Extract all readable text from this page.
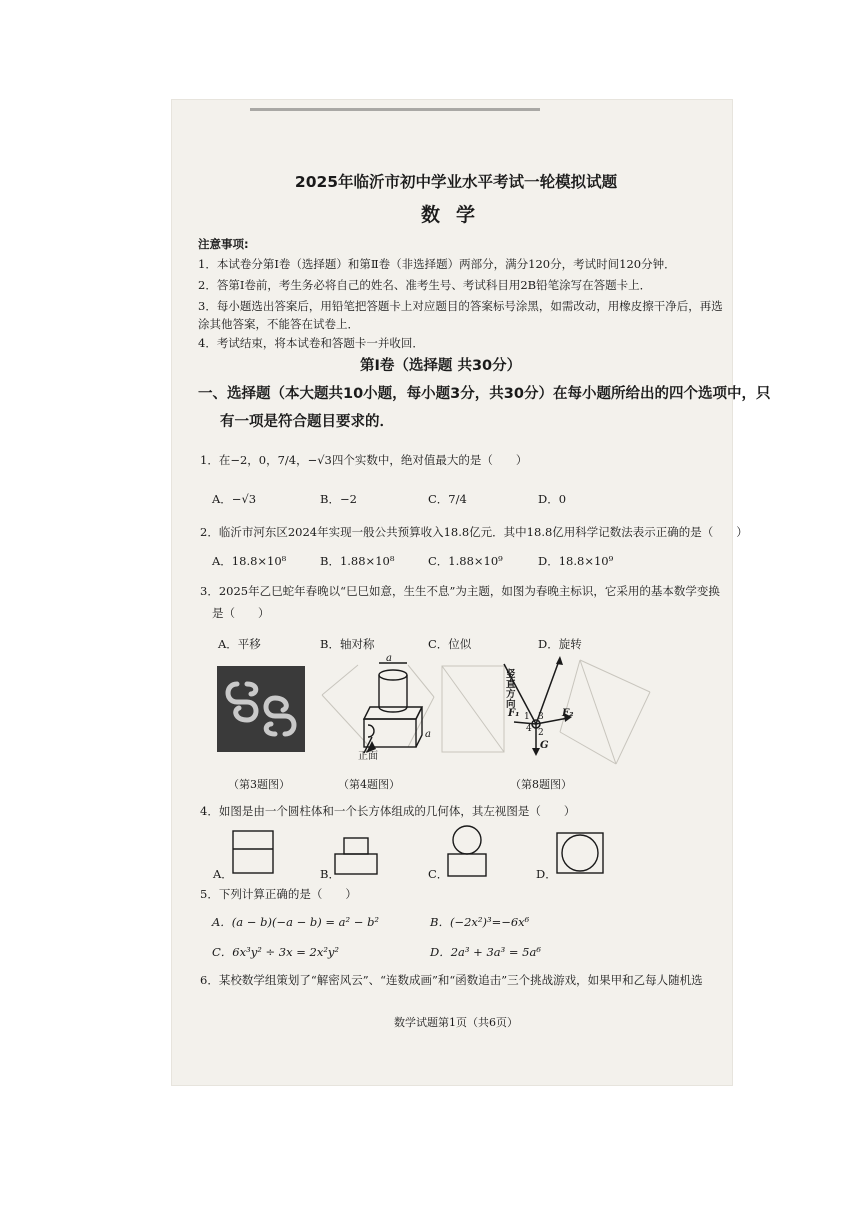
2025年临沂市初中学业水平考试一轮模拟试题
数学
注意事项:
1．本试卷分第Ⅰ卷（选择题）和第Ⅱ卷（非选择题）两部分，满分120分，考试时间120分钟．
2．答第Ⅰ卷前，考生务必将自己的姓名、准考生号、考试科目用2B铅笔涂写在答题卡上．
3．每小题选出答案后，用铅笔把答题卡上对应题目的答案标号涂黑，如需改动，用橡皮擦干净后，再选
涂其他答案，不能答在试卷上．
4．考试结束，将本试卷和答题卡一并收回．
第Ⅰ卷（选择题 共30分）
一、选择题（本大题共10小题，每小题3分，共30分）在每小题所给出的四个选项中，只
有一项是符合题目要求的．
1．在−2，0，7/4，−√3四个实数中，绝对值最大的是（　　）
A．−√3	B．−2	C．7/4	D．0
2．临沂市河东区2024年实现一般公共预算收入18.8亿元．其中18.8亿用科学记数法表示正确的是（　　）
A．18.8×10⁸	B．1.88×10⁸	C．1.88×10⁹	D．18.8×10⁹
3．2025年乙巳蛇年春晚以“巳巳如意，生生不息”为主题，如图为春晚主标识，它采用的基本数学变换
是（　　）
A．平移	B．轴对称	C．位似	D．旋转
a
正面
a
竖直方向
1
2
3
4
F₁	F₂
G
（第3题图）	（第4题图）	（第8题图）
4．如图是由一个圆柱体和一个长方体组成的几何体，其左视图是（　　）
A．	B．	C．	D．
5．下列计算正确的是（　　）
A．(a − b)(−a − b) = a² − b²	B．(−2x²)³=−6x⁶
C．6x³y² ÷ 3x = 2x²y²	D．2a³ + 3a³ = 5a⁶
6．某校数学组策划了“解密风云”、“连数成画”和“函数追击”三个挑战游戏，如果甲和乙每人随机选
数学试题第1页（共6页）
